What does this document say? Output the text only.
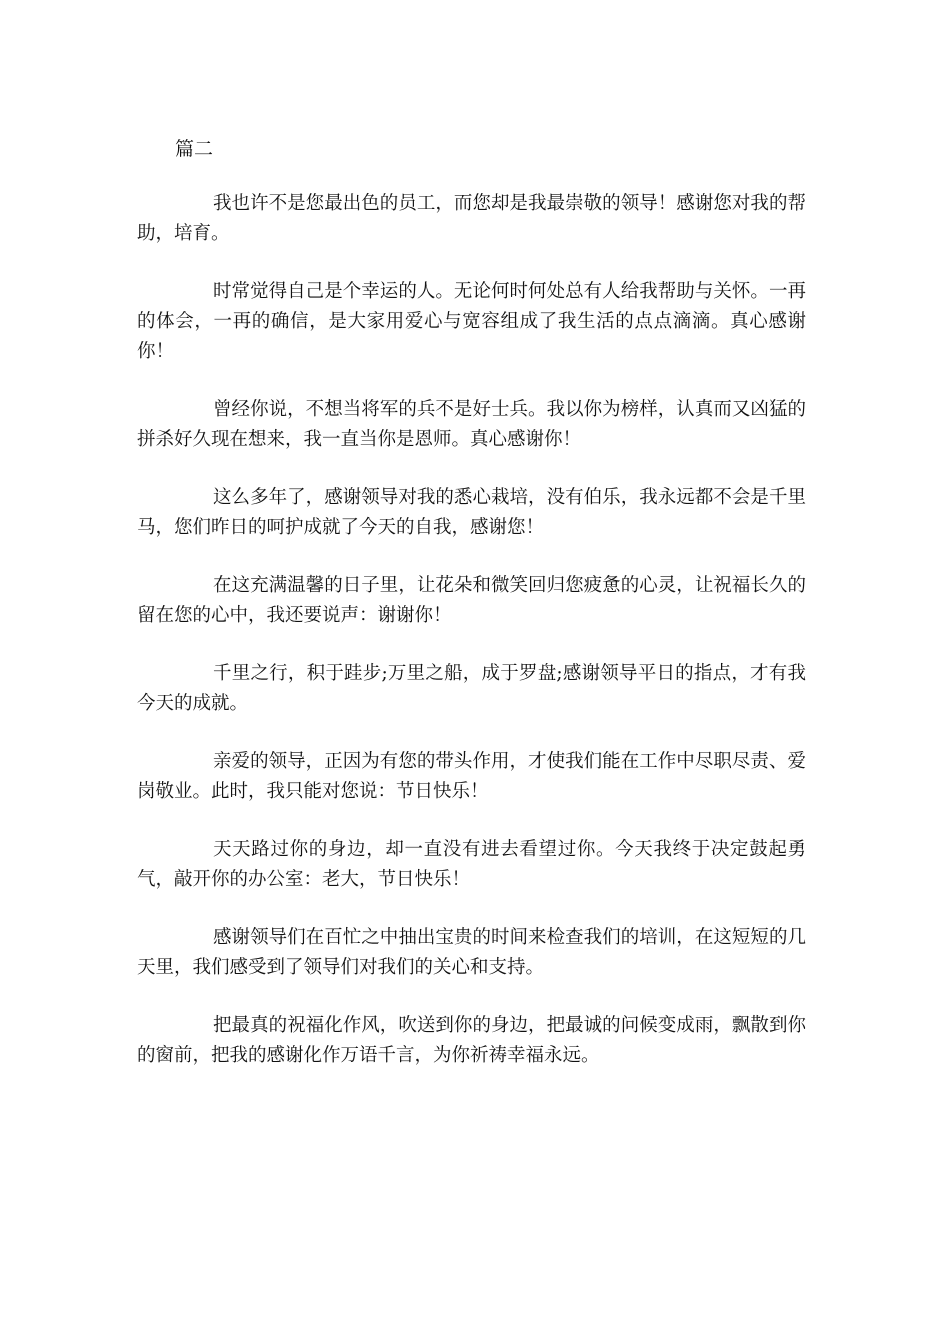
篇二

我也许不是您最出色的员工，而您却是我最崇敬的领导！感谢您对我的帮助，培育。

时常觉得自己是个幸运的人。无论何时何处总有人给我帮助与关怀。一再的体会，一再的确信，是大家用爱心与宽容组成了我生活的点点滴滴。真心感谢你！

曾经你说，不想当将军的兵不是好士兵。我以你为榜样，认真而又凶猛的拼杀好久现在想来，我一直当你是恩师。真心感谢你！

这么多年了，感谢领导对我的悉心栽培，没有伯乐，我永远都不会是千里马，您们昨日的呵护成就了今天的自我，感谢您！

在这充满温馨的日子里，让花朵和微笑回归您疲惫的心灵，让祝福长久的留在您的心中，我还要说声：谢谢你！

千里之行，积于跬步;万里之船，成于罗盘;感谢领导平日的指点，才有我今天的成就。

亲爱的领导，正因为有您的带头作用，才使我们能在工作中尽职尽责、爱岗敬业。此时，我只能对您说：节日快乐！

天天路过你的身边，却一直没有进去看望过你。今天我终于决定鼓起勇气，敲开你的办公室：老大，节日快乐！

感谢领导们在百忙之中抽出宝贵的时间来检查我们的培训，在这短短的几天里，我们感受到了领导们对我们的关心和支持。

把最真的祝福化作风，吹送到你的身边，把最诚的问候变成雨，飘散到你的窗前，把我的感谢化作万语千言，为你祈祷幸福永远。
